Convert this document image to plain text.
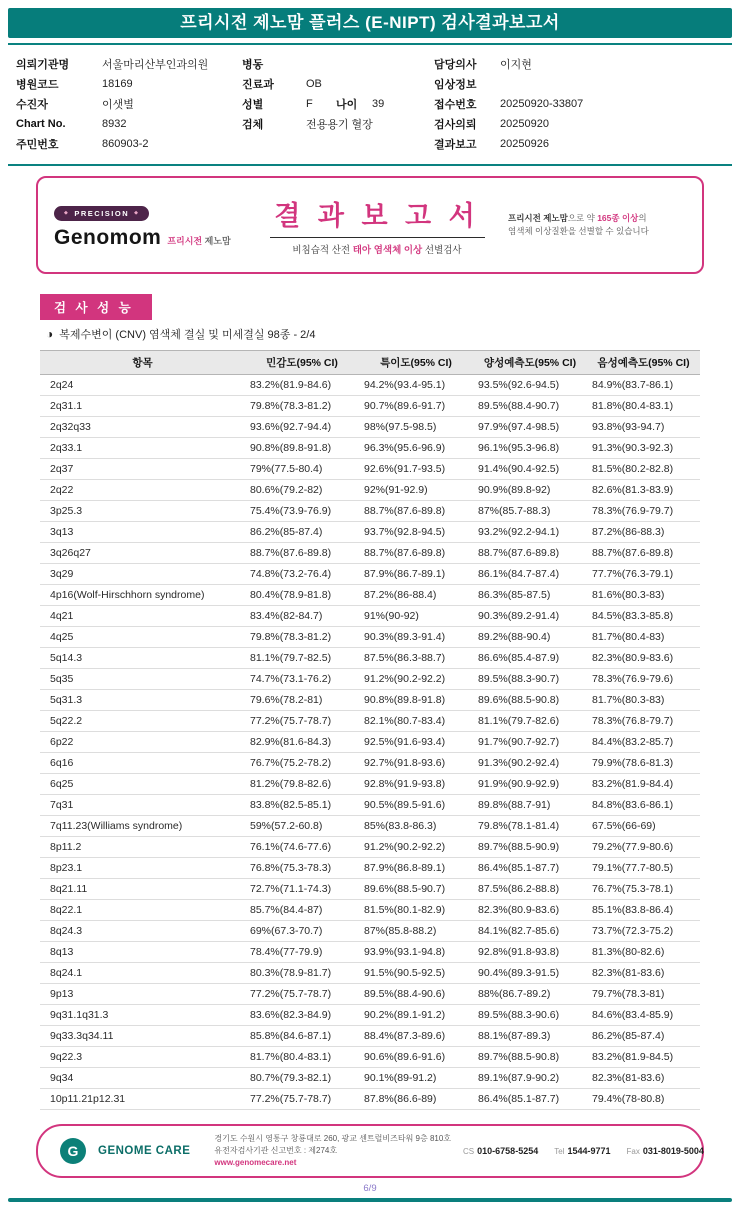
프리시전 제노맘 플러스 (E-NIPT) 검사결과보고서
의뢰기관명	서울마리산부인과의원
병원코드	18169
수진자	이샛별
Chart No.	8932
주민번호	860903-2
병동
진료과	OB
성별	F	나이	39
검체	전용용기 혈장
담당의사	이지현
임상정보
접수번호	20250920-33807
검사의뢰	20250920
결과보고	20250926
◆ PRECISION ◆
Genomom 프리시전 제노맘
결 과 보 고 서
비침습적 산전 태아 염색체 이상 선별검사
프리시전 제노맘으로 약 165종 이상의
염색체 이상질환을 선별할 수 있습니다
검 사 성 능
◑ 복제수변이 (CNV) 염색체 결실 및 미세결실 98종 - 2/4
항목	민감도(95% CI)	특이도(95% CI)	양성예측도(95% CI)	음성예측도(95% CI)
2q24	83.2%(81.9-84.6)	94.2%(93.4-95.1)	93.5%(92.6-94.5)	84.9%(83.7-86.1)
2q31.1	79.8%(78.3-81.2)	90.7%(89.6-91.7)	89.5%(88.4-90.7)	81.8%(80.4-83.1)
2q32q33	93.6%(92.7-94.4)	98%(97.5-98.5)	97.9%(97.4-98.5)	93.8%(93-94.7)
2q33.1	90.8%(89.8-91.8)	96.3%(95.6-96.9)	96.1%(95.3-96.8)	91.3%(90.3-92.3)
2q37	79%(77.5-80.4)	92.6%(91.7-93.5)	91.4%(90.4-92.5)	81.5%(80.2-82.8)
2q22	80.6%(79.2-82)	92%(91-92.9)	90.9%(89.8-92)	82.6%(81.3-83.9)
3p25.3	75.4%(73.9-76.9)	88.7%(87.6-89.8)	87%(85.7-88.3)	78.3%(76.9-79.7)
3q13	86.2%(85-87.4)	93.7%(92.8-94.5)	93.2%(92.2-94.1)	87.2%(86-88.3)
3q26q27	88.7%(87.6-89.8)	88.7%(87.6-89.8)	88.7%(87.6-89.8)	88.7%(87.6-89.8)
3q29	74.8%(73.2-76.4)	87.9%(86.7-89.1)	86.1%(84.7-87.4)	77.7%(76.3-79.1)
4p16(Wolf-Hirschhorn syndrome)	80.4%(78.9-81.8)	87.2%(86-88.4)	86.3%(85-87.5)	81.6%(80.3-83)
4q21	83.4%(82-84.7)	91%(90-92)	90.3%(89.2-91.4)	84.5%(83.3-85.8)
4q25	79.8%(78.3-81.2)	90.3%(89.3-91.4)	89.2%(88-90.4)	81.7%(80.4-83)
5q14.3	81.1%(79.7-82.5)	87.5%(86.3-88.7)	86.6%(85.4-87.9)	82.3%(80.9-83.6)
5q35	74.7%(73.1-76.2)	91.2%(90.2-92.2)	89.5%(88.3-90.7)	78.3%(76.9-79.6)
5q31.3	79.6%(78.2-81)	90.8%(89.8-91.8)	89.6%(88.5-90.8)	81.7%(80.3-83)
5q22.2	77.2%(75.7-78.7)	82.1%(80.7-83.4)	81.1%(79.7-82.6)	78.3%(76.8-79.7)
6p22	82.9%(81.6-84.3)	92.5%(91.6-93.4)	91.7%(90.7-92.7)	84.4%(83.2-85.7)
6q16	76.7%(75.2-78.2)	92.7%(91.8-93.6)	91.3%(90.2-92.4)	79.9%(78.6-81.3)
6q25	81.2%(79.8-82.6)	92.8%(91.9-93.8)	91.9%(90.9-92.9)	83.2%(81.9-84.4)
7q31	83.8%(82.5-85.1)	90.5%(89.5-91.6)	89.8%(88.7-91)	84.8%(83.6-86.1)
7q11.23(Williams syndrome)	59%(57.2-60.8)	85%(83.8-86.3)	79.8%(78.1-81.4)	67.5%(66-69)
8p11.2	76.1%(74.6-77.6)	91.2%(90.2-92.2)	89.7%(88.5-90.9)	79.2%(77.9-80.6)
8p23.1	76.8%(75.3-78.3)	87.9%(86.8-89.1)	86.4%(85.1-87.7)	79.1%(77.7-80.5)
8q21.11	72.7%(71.1-74.3)	89.6%(88.5-90.7)	87.5%(86.2-88.8)	76.7%(75.3-78.1)
8q22.1	85.7%(84.4-87)	81.5%(80.1-82.9)	82.3%(80.9-83.6)	85.1%(83.8-86.4)
8q24.3	69%(67.3-70.7)	87%(85.8-88.2)	84.1%(82.7-85.6)	73.7%(72.3-75.2)
8q13	78.4%(77-79.9)	93.9%(93.1-94.8)	92.8%(91.8-93.8)	81.3%(80-82.6)
8q24.1	80.3%(78.9-81.7)	91.5%(90.5-92.5)	90.4%(89.3-91.5)	82.3%(81-83.6)
9p13	77.2%(75.7-78.7)	89.5%(88.4-90.6)	88%(86.7-89.2)	79.7%(78.3-81)
9q31.1q31.3	83.6%(82.3-84.9)	90.2%(89.1-91.2)	89.5%(88.3-90.6)	84.6%(83.4-85.9)
9q33.3q34.11	85.8%(84.6-87.1)	88.4%(87.3-89.6)	88.1%(87-89.3)	86.2%(85-87.4)
9q22.3	81.7%(80.4-83.1)	90.6%(89.6-91.6)	89.7%(88.5-90.8)	83.2%(81.9-84.5)
9q34	80.7%(79.3-82.1)	90.1%(89-91.2)	89.1%(87.9-90.2)	82.3%(81-83.6)
10p11.21p12.31	77.2%(75.7-78.7)	87.8%(86.6-89)	86.4%(85.1-87.7)	79.4%(78-80.8)
G	GENOME CARE
경기도 수원시 영통구 창룡대로 260, 광교 센트럴비즈타워 9층 810호
유전자검사기관 신고번호 : 제274호
www.genomecare.net
CS 010-6758-5254 Tel 1544-9771 Fax 031-8019-5004
6/9
